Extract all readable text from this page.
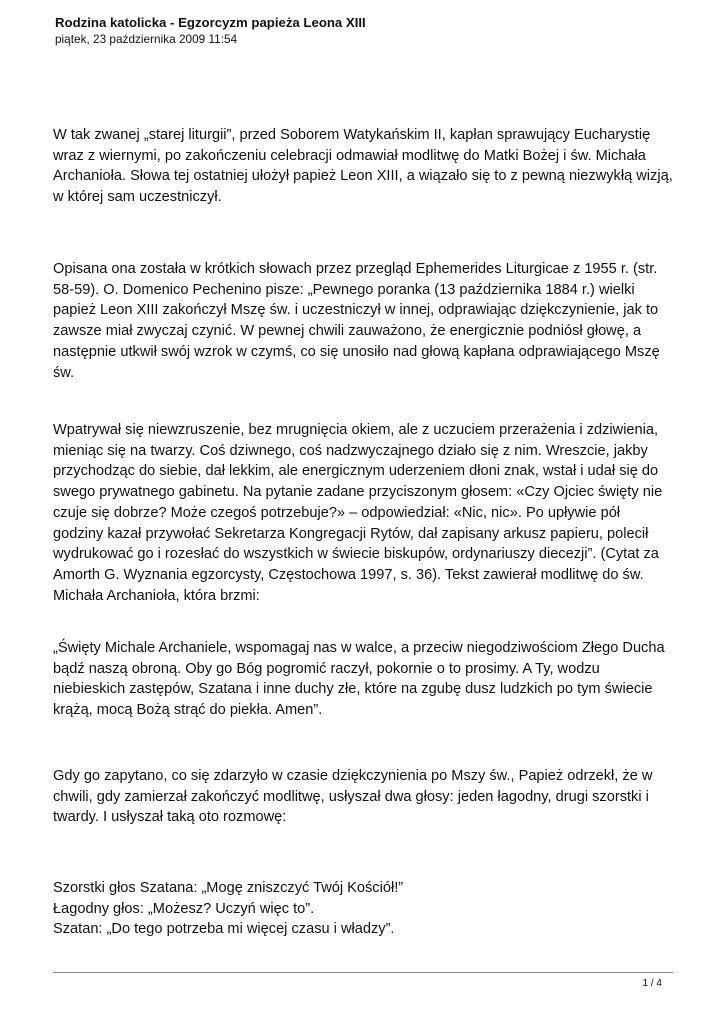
Rodzina katolicka - Egzorcyzm papieża Leona XIII
piątek, 23 października 2009 11:54

W tak zwanej „starej liturgii”, przed Soborem Watykańskim II, kapłan sprawujący Eucharystię
wraz z wiernymi, po zakończeniu celebracji odmawiał modlitwę do Matki Bożej i św. Michała
Archanioła. Słowa tej ostatniej ułożył papież Leon XIII, a wiązało się to z pewną niezwykłą wizją,
w której sam uczestniczył.

Opisana ona została w krótkich słowach przez przegląd Ephemerides Liturgicae z 1955 r. (str.
58-59). O. Domenico Pechenino pisze: „Pewnego poranka (13 października 1884 r.) wielki
papież Leon XIII zakończył Mszę św. i uczestniczył w innej, odprawiając dziękczynienie, jak to
zawsze miał zwyczaj czynić. W pewnej chwili zauważono, że energicznie podniósł głowę, a
następnie utkwił swój wzrok w czymś, co się unosiło nad głową kapłana odprawiającego Mszę
św.

Wpatrywał się niewzruszenie, bez mrugnięcia okiem, ale z uczuciem przerażenia i zdziwienia,
mieniąc się na twarzy. Coś dziwnego, coś nadzwyczajnego działo się z nim. Wreszcie, jakby
przychodząc do siebie, dał lekkim, ale energicznym uderzeniem dłoni znak, wstał i udał się do
swego prywatnego gabinetu. Na pytanie zadane przyciszonym głosem: «Czy Ojciec święty nie
czuje się dobrze? Może czegoś potrzebuje?» – odpowiedział: «Nic, nic». Po upływie pół
godziny kazał przywołać Sekretarza Kongregacji Rytów, dał zapisany arkusz papieru, polecił
wydrukować go i rozesłać do wszystkich w świecie biskupów, ordynariuszy diecezji”. (Cytat za
Amorth G. Wyznania egzorcysty, Częstochowa 1997, s. 36). Tekst zawierał modlitwę do św.
Michała Archanioła, która brzmi:

„Święty Michale Archanielе, wspomagaj nas w walce, a przeciw niegodziwościom Złego Ducha
bądź naszą obroną. Oby go Bóg pogromić raczył, pokornie o to prosimy. A Ty, wodzu
niebieskich zastępów, Szatana i inne duchy złe, które na zgubę dusz ludzkich po tym świecie
krążą, mocą Bożą strąć do piekła. Amen”.

Gdy go zapytano, co się zdarzyło w czasie dziękczynienia po Mszy św., Papież odrzekł, że w
chwili, gdy zamierzał zakończyć modlitwę, usłyszał dwa głosy: jeden łagodny, drugi szorstki i
twardy. I usłyszał taką oto rozmowę:

Szorstki głos Szatana: „Mogę zniszczyć Twój Kościół!”
Łagodny głos: „Możesz? Uczyń więc to”.
Szatan: „Do tego potrzeba mi więcej czasu i władzy”.

1 / 4
